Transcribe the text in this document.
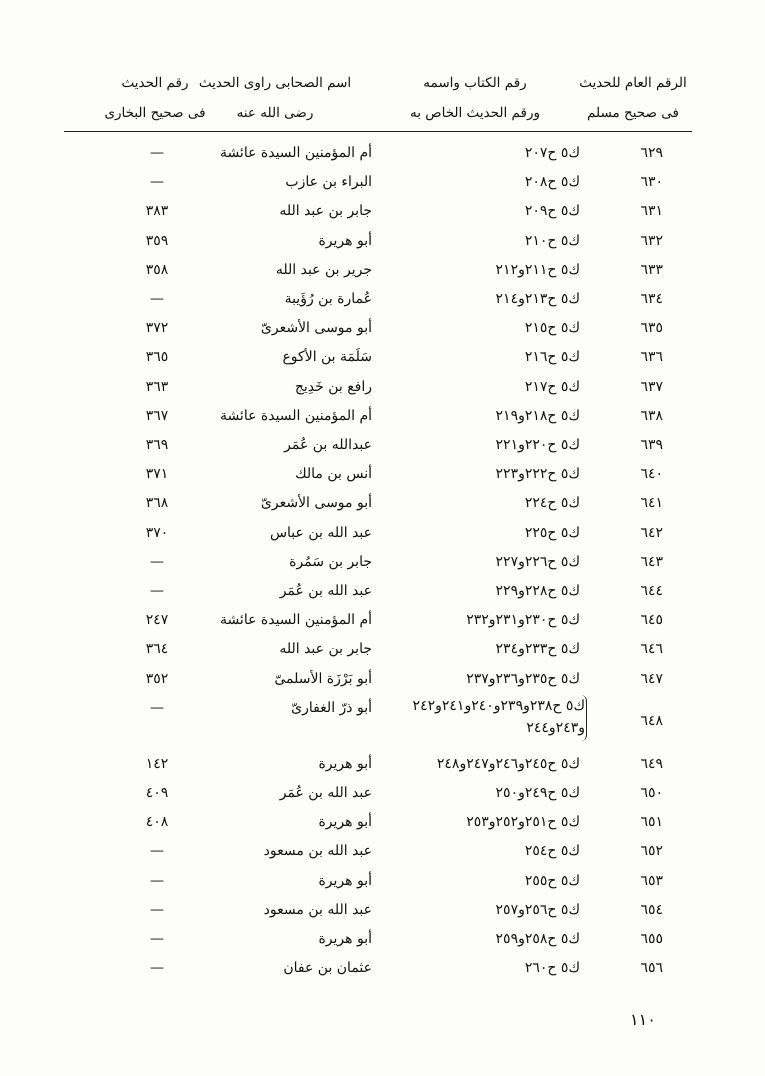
الرقم العام للحديث
فى صحيح مسلم
رقم الكتاب واسمه
ورقم الحديث الخاص به
اسم الصحابى راوى الحديث
رضى الله عنه
رقم الحديث
فى صحيح البخارى
٦٢٩
ك٥ ح٢٠٧
أم المؤمنين السيدة عائشة
—
٦٣٠
ك٥ ح٢٠٨
البراء بن عازب
—
٦٣١
ك٥ ح٢٠٩
جابر بن عبد الله
٣٨٣
٦٣٢
ك٥ ح٢١٠
أبو هريرة
٣٥٩
٦٣٣
ك٥ ح٢١١و٢١٢
جرير بن عبد الله
٣٥٨
٦٣٤
ك٥ ح٢١٣و٢١٤
عُمارة بن رُؤَيبة
—
٦٣٥
ك٥ ح٢١٥
أبو موسى الأشعرىّ
٣٧٢
٦٣٦
ك٥ ح٢١٦
سَلَمَة بن الأكوع
٣٦٥
٦٣٧
ك٥ ح٢١٧
رافع بن خَدِيج
٣٦٣
٦٣٨
ك٥ ح٢١٨و٢١٩
أم المؤمنين السيدة عائشة
٣٦٧
٦٣٩
ك٥ ح٢٢٠و٢٢١
عبدالله بن عُمَر
٣٦٩
٦٤٠
ك٥ ح٢٢٢و٢٢٣
أنس بن مالك
٣٧١
٦٤١
ك٥ ح٢٢٤
أبو موسى الأشعرىّ
٣٦٨
٦٤٢
ك٥ ح٢٢٥
عبد الله بن عباس
٣٧٠
٦٤٣
ك٥ ح٢٢٦و٢٢٧
جابر بن سَمُرة
—
٦٤٤
ك٥ ح٢٢٨و٢٢٩
عبد الله بن عُمَر
—
٦٤٥
ك٥ ح٢٣٠و٢٣١و٢٣٢
أم المؤمنين السيدة عائشة
٢٤٧
٦٤٦
ك٥ ح٢٣٣و٢٣٤
جابر بن عبد الله
٣٦٤
٦٤٧
ك٥ ح٢٣٥و٢٣٦و٢٣٧
أبو بَرْزَة الأسلمىّ
٣٥٢
٦٤٨
ك٥ ح٢٣٨و٢٣٩و٢٤٠و٢٤١و٢٤٢ و٢٤٣و٢٤٤
أبو ذرّ الغفارىّ
—
٦٤٩
ك٥ ح٢٤٥و٢٤٦و٢٤٧و٢٤٨
أبو هريرة
١٤٢
٦٥٠
ك٥ ح٢٤٩و٢٥٠
عبد الله بن عُمَر
٤٠٩
٦٥١
ك٥ ح٢٥١و٢٥٢و٢٥٣
أبو هريرة
٤٠٨
٦٥٢
ك٥ ح٢٥٤
عبد الله بن مسعود
—
٦٥٣
ك٥ ح٢٥٥
أبو هريرة
—
٦٥٤
ك٥ ح٢٥٦و٢٥٧
عبد الله بن مسعود
—
٦٥٥
ك٥ ح٢٥٨و٢٥٩
أبو هريرة
—
٦٥٦
ك٥ ح٢٦٠
عثمان بن عفان
—
١١٠
